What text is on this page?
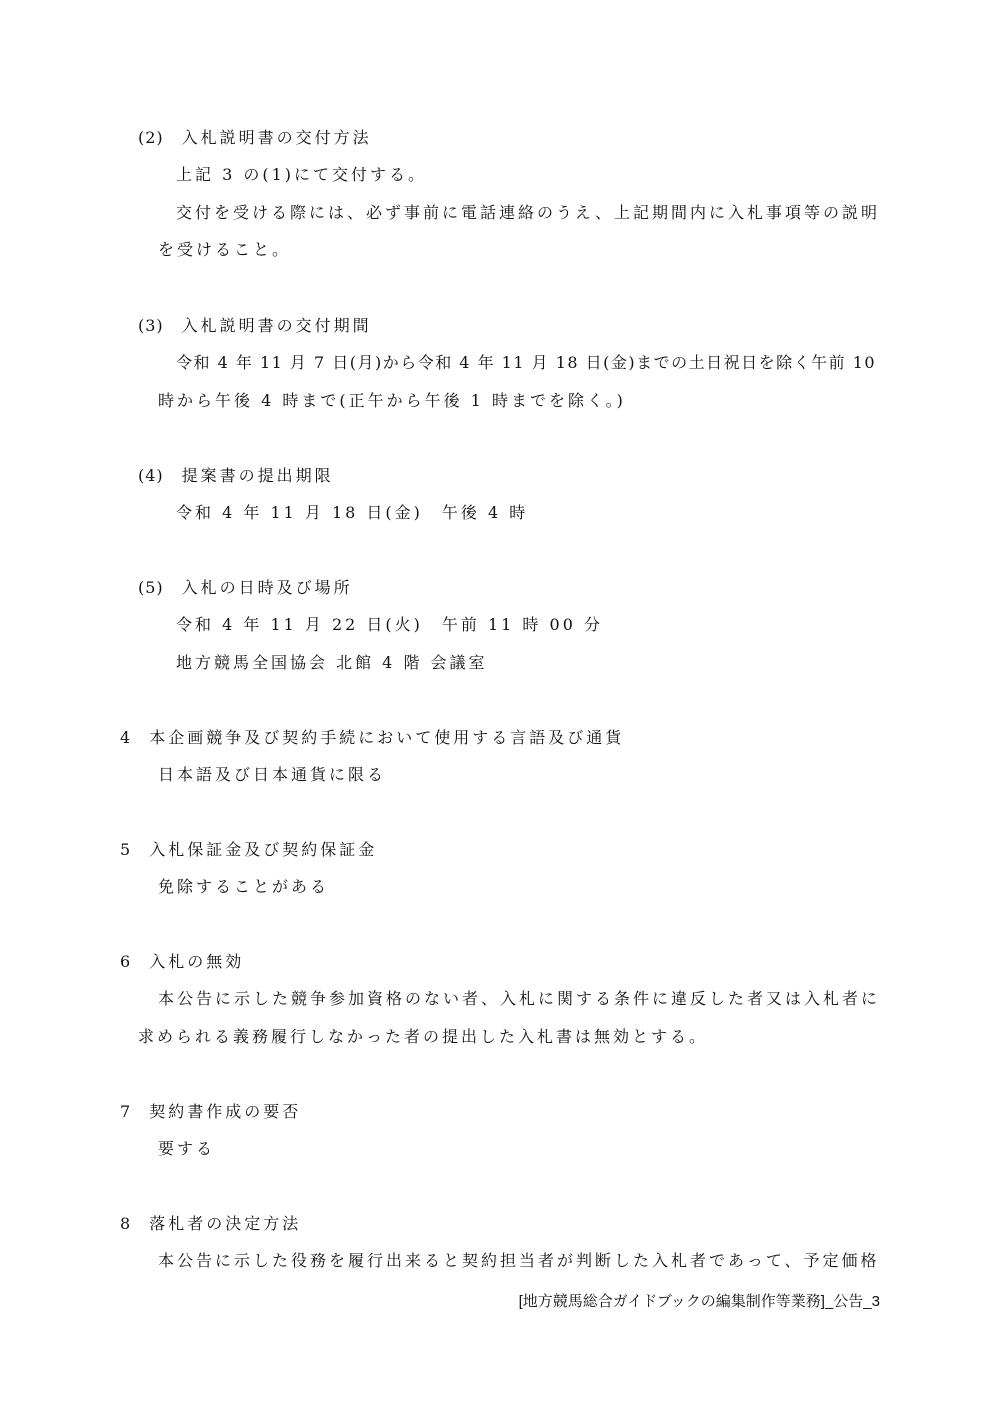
(2) 入札説明書の交付方法

上記 3 の(1)にて交付する。

交付を受ける際には、必ず事前に電話連絡のうえ、上記期間内に入札事項等の説明

を受けること。

(3) 入札説明書の交付期間

令和 4 年 11 月 7 日(月)から令和 4 年 11 月 18 日(金)までの土日祝日を除く午前 10

時から午後 4 時まで(正午から午後 1 時までを除く。)

(4) 提案書の提出期限

令和 4 年 11 月 18 日(金)　午後 4 時

(5) 入札の日時及び場所

令和 4 年 11 月 22 日(火)　午前 11 時 00 分

地方競馬全国協会 北館 4 階 会議室

4 本企画競争及び契約手続において使用する言語及び通貨

日本語及び日本通貨に限る

5 入札保証金及び契約保証金

免除することがある

6 入札の無効

本公告に示した競争参加資格のない者、入札に関する条件に違反した者又は入札者に

求められる義務履行しなかった者の提出した入札書は無効とする。

7 契約書作成の要否

要する

8 落札者の決定方法

本公告に示した役務を履行出来ると契約担当者が判断した入札者であって、予定価格

[地方競馬総合ガイドブックの編集制作等業務]_公告_3
